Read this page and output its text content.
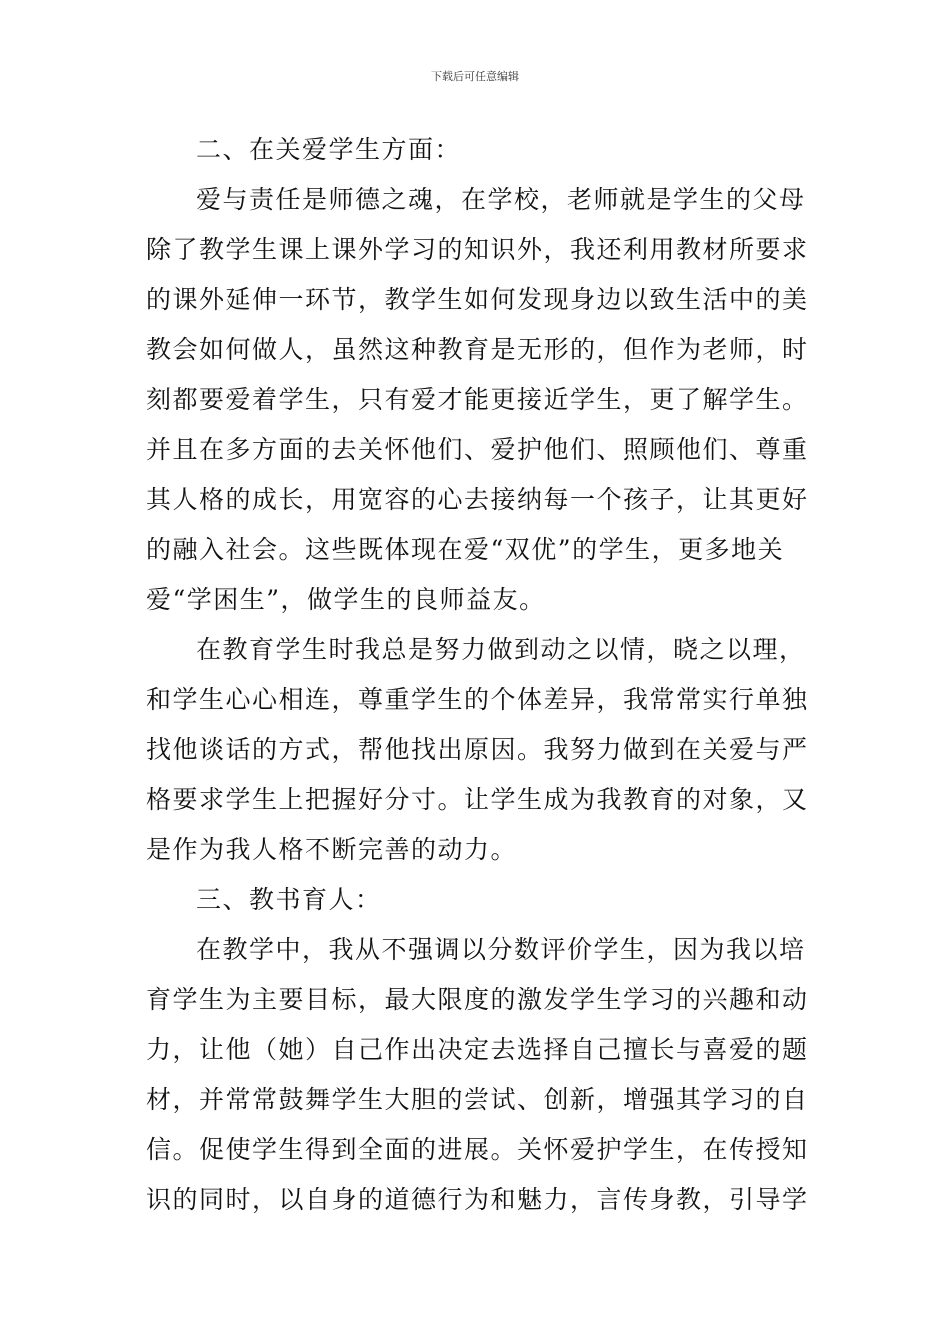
下载后可任意编辑
二、在关爱学生方面：
爱与责任是师德之魂，在学校，老师就是学生的父母
除了教学生课上课外学习的知识外，我还利用教材所要求
的课外延伸一环节，教学生如何发现身边以致生活中的美
教会如何做人，虽然这种教育是无形的，但作为老师，时
刻都要爱着学生，只有爱才能更接近学生，更了解学生。
并且在多方面的去关怀他们、爱护他们、照顾他们、尊重
其人格的成长，用宽容的心去接纳每一个孩子，让其更好
的融入社会。这些既体现在爱“双优”的学生，更多地关
爱“学困生”，做学生的良师益友。
在教育学生时我总是努力做到动之以情，晓之以理，
和学生心心相连，尊重学生的个体差异，我常常实行单独
找他谈话的方式，帮他找出原因。我努力做到在关爱与严
格要求学生上把握好分寸。让学生成为我教育的对象，又
是作为我人格不断完善的动力。
三、教书育人：
在教学中，我从不强调以分数评价学生，因为我以培
育学生为主要目标，最大限度的激发学生学习的兴趣和动
力，让他（她）自己作出决定去选择自己擅长与喜爱的题
材，并常常鼓舞学生大胆的尝试、创新，增强其学习的自
信。促使学生得到全面的进展。关怀爱护学生，在传授知
识的同时，以自身的道德行为和魅力，言传身教，引导学
